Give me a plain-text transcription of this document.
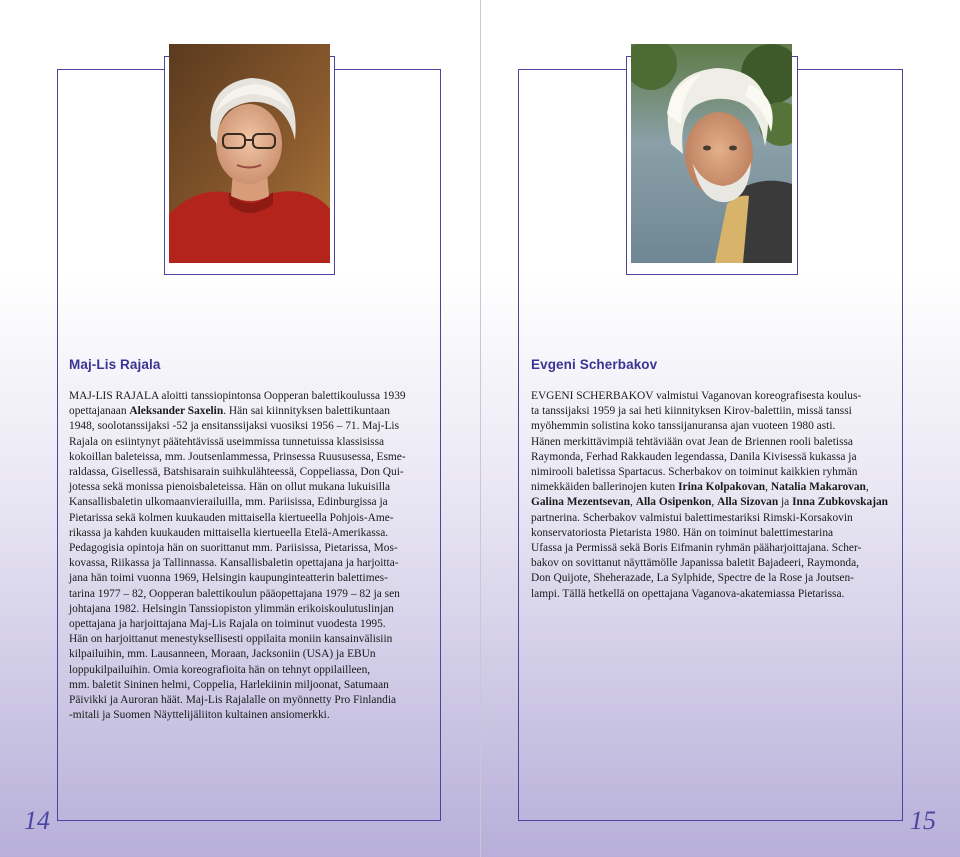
Maj-Lis Rajala

MAJ-LIS RAJALA aloitti tanssiopintonsa Oopperan balettikoulussa 1939
opettajanaan Aleksander Saxelin. Hän sai kiinnityksen balettikuntaan
1948, soolotanssijaksi -52 ja ensitanssijaksi vuosiksi 1956 – 71. Maj-Lis
Rajala on esiintynyt päätehtävissä useimmissa tunnetuissa klassisissa
kokoillan baleteissa, mm. Joutsenlammessa, Prinsessa Ruususessa, Esme-
raldassa, Gisellessä, Batshisarain suihkulähteessä, Coppeliassa, Don Qui-
jotessa sekä monissa pienoisbaleteissa. Hän on ollut mukana lukuisilla
Kansallisbaletin ulkomaanvierailuilla, mm. Pariisissa, Edinburgissa ja
Pietarissa sekä kolmen kuukauden mittaisella kiertueella Pohjois-Ame-
rikassa ja kahden kuukauden mittaisella kiertueella Etelä-Amerikassa.
Pedagogisia opintoja hän on suorittanut mm. Pariisissa, Pietarissa, Mos-
kovassa, Riikassa ja Tallinnassa. Kansallisbaletin opettajana ja harjoitta-
jana hän toimi vuonna 1969, Helsingin kaupunginteatterin balettimes-
tarina 1977 – 82, Oopperan balettikoulun pääopettajana 1979 – 82 ja sen
johtajana 1982. Helsingin Tanssiopiston ylimmän erikoiskoulutuslinjan
opettajana ja harjoittajana Maj-Lis Rajala on toiminut vuodesta 1995.
Hän on harjoittanut menestyksellisesti oppilaita moniin kansainvälisiin
kilpailuihin, mm. Lausanneen, Moraan, Jacksoniin (USA) ja EBUn
loppukilpailuihin. Omia koreografioita hän on tehnyt oppilailleen,
mm. baletit Sininen helmi, Coppelia, Harlekiinin miljoonat, Satumaan
Päivikki ja Auroran häät. Maj-Lis Rajalalle on myönnetty Pro Finlandia
-mitali ja Suomen Näyttelijäliiton kultainen ansiomerkki.

14
Evgeni Scherbakov

EVGENI SCHERBAKOV valmistui Vaganovan koreografisesta koulus-
ta tanssijaksi 1959 ja sai heti kiinnityksen Kirov-balettiin, missä tanssi
myöhemmin solistina koko tanssijanuransa ajan vuoteen 1980 asti.
Hänen merkittävimpiä tehtäviään ovat Jean de Briennen rooli baletissa
Raymonda, Ferhad Rakkauden legendassa, Danila Kivisessä kukassa ja
nimirooli baletissa Spartacus. Scherbakov on toiminut kaikkien ryhmän
nimekkäiden ballerinojen kuten Irina Kolpakovan, Natalia Makarovan,
Galina Mezentsevan, Alla Osipenkon, Alla Sizovan ja Inna Zubkovskajan
partnerina. Scherbakov valmistui balettimestariksi Rimski-Korsakovin
konservatoriosta Pietarista 1980. Hän on toiminut balettimestarina
Ufassa ja Permissä sekä Boris Eifmanin ryhmän pääharjoittajana. Scher-
bakov on sovittanut näyttämölle Japanissa baletit Bajadeeri, Raymonda,
Don Quijote, Sheherazade, La Sylphide, Spectre de la Rose ja Joutsen-
lampi. Tällä hetkellä on opettajana Vaganova-akatemiassa Pietarissa.

15
